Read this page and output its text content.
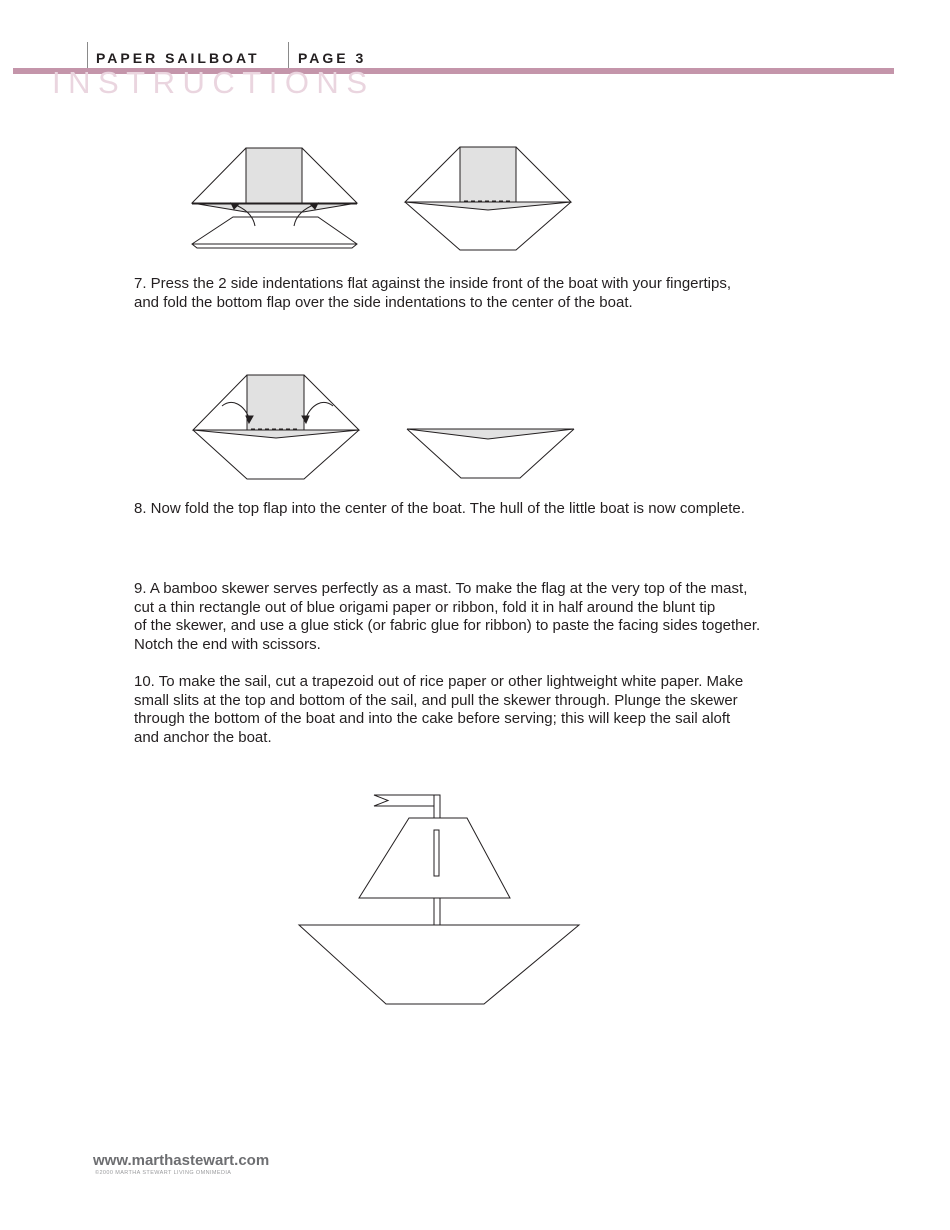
PAPER SAILBOAT	PAGE 3
INSTRUCTIONS

7. Press the 2 side indentations flat against the inside front of the boat with your fingertips,

and fold the bottom flap over the side indentations to the center of the boat.

8. Now fold the top flap into the center of the boat. The hull of the little boat is now complete.

9. A bamboo skewer serves perfectly as a mast. To make the flag at the very top of the mast,

cut a thin rectangle out of blue origami paper or ribbon, fold it in half around the blunt tip

of the skewer, and use a glue stick (or fabric glue for ribbon) to paste the facing sides together.

Notch the end with scissors.

10. To make the sail, cut a trapezoid out of rice paper or other lightweight white paper. Make

small slits at the top and bottom of the sail, and pull the skewer through. Plunge the skewer

through the bottom of the boat and into the cake before serving; this will keep the sail aloft

and anchor the boat.

www.marthastewart.com
©2000 MARTHA STEWART LIVING OMNIMEDIA
